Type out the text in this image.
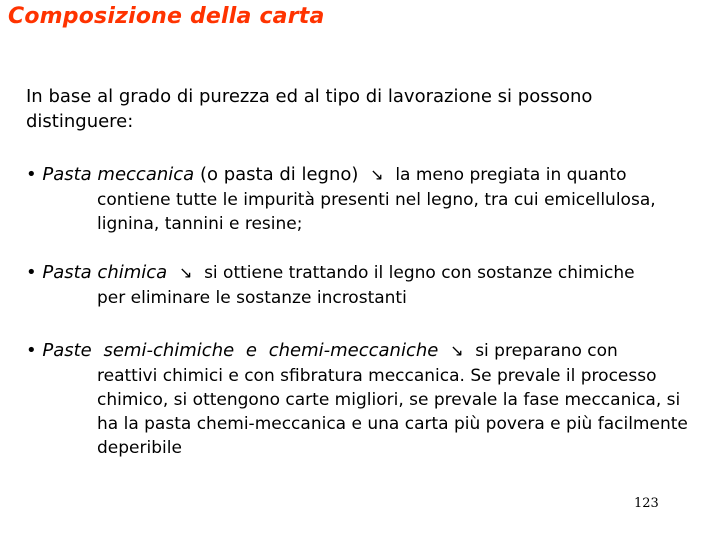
Composizione della carta
In base al grado di purezza ed al tipo di lavorazione si possono distinguere:
• Pasta meccanica (o pasta di legno) ↘ la meno pregiata in quanto
contiene tutte le impurità presenti nel legno, tra cui emicellulosa, lignina, tannini e resine;
• Pasta chimica ↘ si ottiene trattando il legno con sostanze chimiche
per eliminare le sostanze incrostanti
• Paste semi-chimiche e chemi-meccaniche ↘ si preparano con
reattivi chimici e con sfibratura meccanica. Se prevale il processo chimico, si ottengono carte migliori, se prevale la fase meccanica, si ha la pasta chemi-meccanica e una carta più povera e più facilmente deperibile
123
